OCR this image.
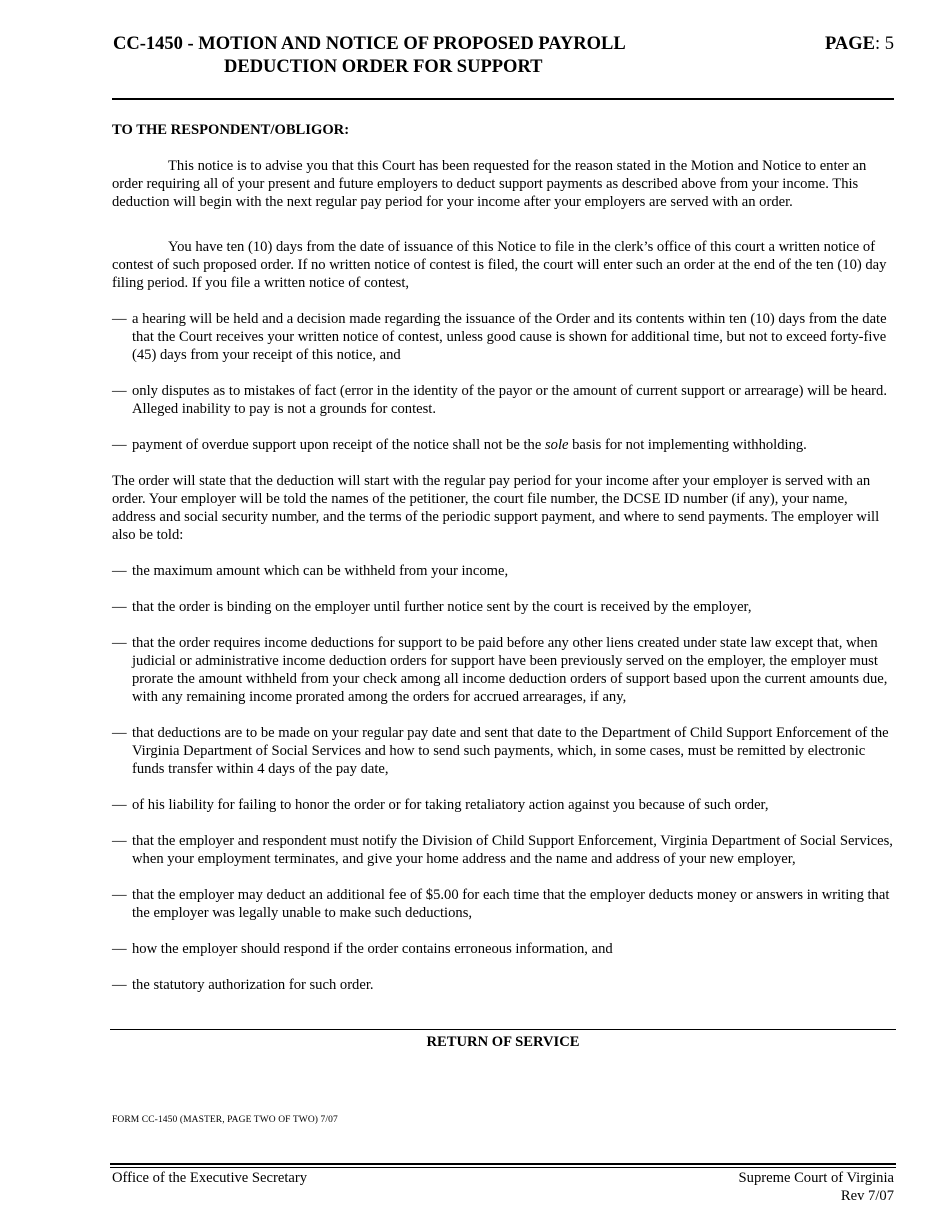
CC-1450 - MOTION AND NOTICE OF PROPOSED PAYROLL
DEDUCTION ORDER FOR SUPPORT
PAGE: 5

TO THE RESPONDENT/OBLIGOR:

This notice is to advise you that this Court has been requested for the reason stated in the Motion and Notice to enter an order requiring all of your present and future employers to deduct support payments as described above from your income. This deduction will begin with the next regular pay period for your income after your employers are served with an order.

You have ten (10) days from the date of issuance of this Notice to file in the clerk’s office of this court a written notice of contest of such proposed order. If no written notice of contest is filed, the court will enter such an order at the end of the ten (10) day filing period. If you file a written notice of contest,

— a hearing will be held and a decision made regarding the issuance of the Order and its contents within ten (10) days from the date that the Court receives your written notice of contest, unless good cause is shown for additional time, but not to exceed forty-five (45) days from your receipt of this notice, and
— only disputes as to mistakes of fact (error in the identity of the payor or the amount of current support or arrearage) will be heard. Alleged inability to pay is not a grounds for contest.
— payment of overdue support upon receipt of the notice shall not be the sole basis for not implementing withholding.

The order will state that the deduction will start with the regular pay period for your income after your employer is served with an order. Your employer will be told the names of the petitioner, the court file number, the DCSE ID number (if any), your name, address and social security number, and the terms of the periodic support payment, and where to send payments. The employer will also be told:

— the maximum amount which can be withheld from your income,
— that the order is binding on the employer until further notice sent by the court is received by the employer,
— that the order requires income deductions for support to be paid before any other liens created under state law except that, when judicial or administrative income deduction orders for support have been previously served on the employer, the employer must prorate the amount withheld from your check among all income deduction orders of support based upon the current amounts due, with any remaining income prorated among the orders for accrued arrearages, if any,
— that deductions are to be made on your regular pay date and sent that date to the Department of Child Support Enforcement of the Virginia Department of Social Services and how to send such payments, which, in some cases, must be remitted by electronic funds transfer within 4 days of the pay date,
— of his liability for failing to honor the order or for taking retaliatory action against you because of such order,
— that the employer and respondent must notify the Division of Child Support Enforcement, Virginia Department of Social Services, when your employment terminates, and give your home address and the name and address of your new employer,
— that the employer may deduct an additional fee of $5.00 for each time that the employer deducts money or answers in writing that the employer was legally unable to make such deductions,
— how the employer should respond if the order contains erroneous information, and
— the statutory authorization for such order.
RETURN OF SERVICE
FORM CC-1450 (MASTER, PAGE TWO OF TWO) 7/07
Office of the Executive Secretary	Supreme Court of Virginia
Rev 7/07
